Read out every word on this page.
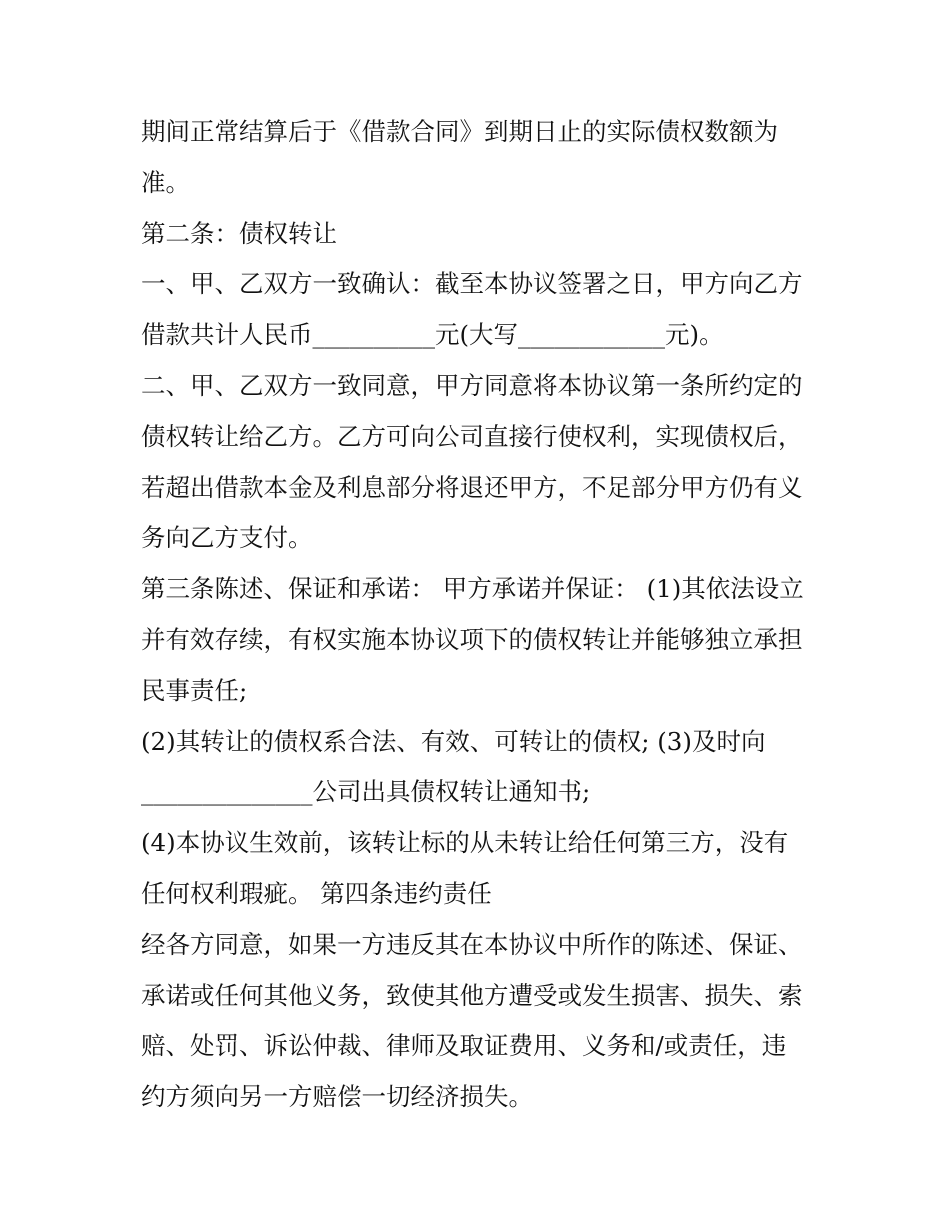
期间正常结算后于《借款合同》到期日止的实际债权数额为
准。
第二条：债权转让
一、甲、乙双方一致确认：截至本协议签署之日，甲方向乙方
借款共计人民币__________元(大写____________元)。
二、甲、乙双方一致同意，甲方同意将本协议第一条所约定的
债权转让给乙方。乙方可向公司直接行使权利，实现债权后，
若超出借款本金及利息部分将退还甲方，不足部分甲方仍有义
务向乙方支付。
第三条陈述、保证和承诺： 甲方承诺并保证： (1)其依法设立
并有效存续，有权实施本协议项下的债权转让并能够独立承担
民事责任;
(2)其转让的债权系合法、有效、可转让的债权; (3)及时向
______________公司出具债权转让通知书;
(4)本协议生效前，该转让标的从未转让给任何第三方，没有
任何权利瑕疵。 第四条违约责任
经各方同意，如果一方违反其在本协议中所作的陈述、保证、
承诺或任何其他义务，致使其他方遭受或发生损害、损失、索
赔、处罚、诉讼仲裁、律师及取证费用、义务和/或责任，违
约方须向另一方赔偿一切经济损失。
